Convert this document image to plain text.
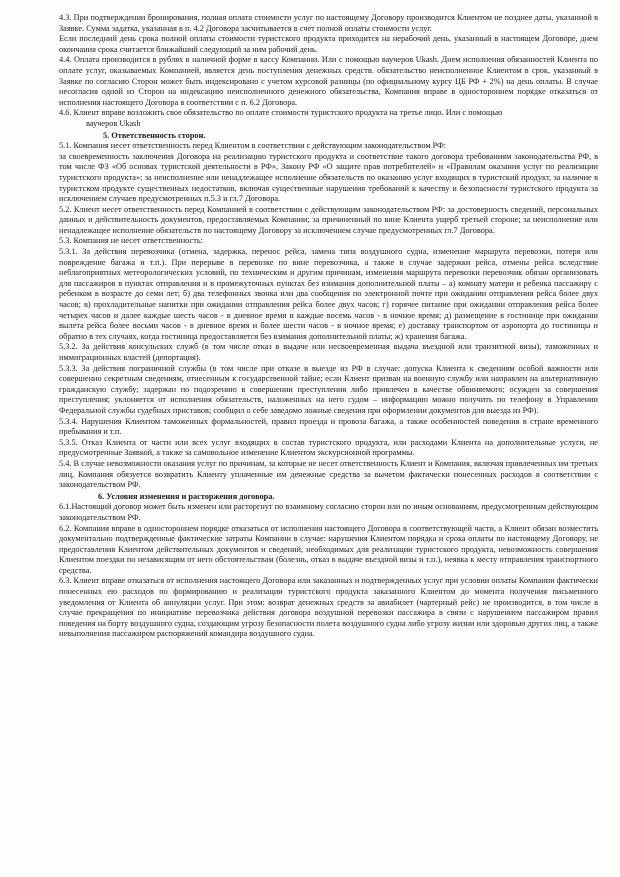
4.3. При подтверждении бронирования, полная оплата стоимости услуг по настоящему Договору производится Клиентом не позднее даты, указанной в Заявке. Сумма задатка, указанная в п. 4.2 Договора засчитывается в счет полной оплаты стоимости услуг.

Если последний день срока полной оплаты стоимости туристского продукта приходится на нерабочий день, указанный в настоящем Договоре, днем окончания срока считается ближайший следующий за ним рабочий день.

4.4. Оплата производится в рублях в наличной форме в кассу Компании. Или с помощью ваучеров Ukash. Днем исполнения обязанностей Клиента по оплате услуг, оказываемых Компанией, является день поступления денежных средств. обязательство неисполненное Клиентом в срок, указанный в Заявке по согласию Сторон может быть индексировано с учетом курсовой разницы (по официальному курсу ЦБ РФ + 2%) на день оплаты. В случае несогласия одной из Сторон на индексацию неисполненного денежного обязательства, Компания вправе в одностороннем порядке отказаться от исполнения настоящего Договора в соответствии с п. 6.2 Договора.

4.6. Клиент вправе возложить свое обязательство по оплате стоимости туристского продукта на третье лицо. Или с помощью

ваучеров Ukash

5. Ответственность сторон.

5.1. Компания несет ответственность перед Клиентом в соответствии с действующим законодательством РФ:

за своевременность заключения Договора на реализацию туристского продукта и соответствие такого договора требованиям законодательства РФ, в том числе ФЗ «Об основах туристской деятельности в РФ», Закону РФ «О защите прав потребителей» и «Правилам оказания услуг по реализации туристского продукта»; за неисполнение или ненадлежащее исполнение обязательств по оказанию услуг входящих в туристский продукт, за наличие в туристском продукте существенных недостатков, включая существенные нарушения требований к качеству и безопасности туристского продукта за исключением случаев предусмотренных п.5.3 и гл.7 Договора.

5.2. Клиент несет ответственность перед Компанией в соответствии с действующим законодательством РФ: за достоверность сведений, персональных данных и действительность документов, предоставляемых Компании; за причиненный по вине Клиента ущерб третьей стороне; за неисполнение или ненадлежащее исполнение обязательств по настоящему Договору за исключением случае предусмотренных гл.7 Договора.

5.3. Компания не несет ответственность:

5.3.1. За действия перевозчика (отмена, задержка, перенос рейса, замена типа воздушного судна, изменение маршрута перевозки, потеря или повреждение багажа и т.п.). При перерыве в перевозке по вине перевозчика, а также в случае задержки рейса, отмены рейса вследствие неблагоприятных метеорологических условий, по техническим и другим причинам, изменения маршрута перевозки перевозчик обязан организовать для пассажиров в пунктах отправления и в промежуточных пунктах без взимания дополнительной платы – а) комнату матери и ребенка пассажиру с ребенком в возрасте до семи лет; б) два телефонных звонка или два сообщения по электронной почте при ожидании отправления рейса более двух часов; в) прохладительные напитки при ожидании отправления рейса более двух часов; г) горячее питание при ожидании отправления рейса более четырех часов и далее каждые шесть часов - в дневное время и каждые восемь часов - в ночное время; д) размещение в гостинице при ожидании вылета рейса более восьми часов - в дневное время и более шести часов - в ночное время; е) доставку транспортом от аэропорта до гостиницы и обратно в тех случаях, когда гостиница предоставляется без взимания дополнительной платы; ж) хранения багажа.

5.3.2. За действия консульских служб (в том числе отказ в выдаче или несвоевременная выдача въездной или транзитной визы), таможенных и иммиграционных властей (депортация).

5.3.3. За действия пограничной службы (в том числе при отказе в выезде из РФ в случае: допуска Клиента к сведениям особой важности или совершенно секретным сведениям, отнесенным к государственной тайне; если Клиент призван на военную службу или направлен на альтернативную гражданскую службу; задержан по подозрению в совершении преступления либо привлечен в качестве обвиняемого; осужден за совершения преступления; уклоняется от исполнения обязательств, наложенных на него судом – информацию можно получить по телефону в Управлении Федеральной службы судебных приставов; сообщил о себе заведомо ложные сведения при оформлении документов для выезда из РФ).

5.3.4. Нарушения Клиентом таможенных формальностей, правил проезда и провоза багажа, а также особенностей поведения в стране временного пребывания и т.п.

5.3.5. Отказ Клиента от части или всех услуг входящих в состав туристского продукта, или расходами Клиента на дополнительные услуги, не предусмотренные Заявкой, а также за самовольное изменение Клиентом экскурсионной программы.

5.4. В случае невозможности оказания услуг по причинам, за которые не несет ответственность Клиент и Компания, включая привлеченных им третьих лиц, Компания обязуется возвратить Клиенту уплаченные им денежные средства за вычетом фактически понесенных расходов в соответствии с законодательством РФ.

6. Условия изменения и расторжения договора.

6.1.Настоящий договор может быть изменен или расторгнут по взаимному согласию сторон или по иным основаниям, предусмотренным действующим законодательством РФ.

6.2. Компания вправе в одностороннем порядке отказаться от исполнения настоящего Договора в соответствующей части, а Клиент обязан возместить документально подтвержденные фактические затраты Компании в случае: нарушения Клиентом порядка и срока оплаты по настоящему Договору, не предоставления Клиентом действительных документов и сведений, необходимых для реализации туристского продукта, невозможность совершения Клиентом поездки по независящим от него обстоятельствам (болезнь, отказ в выдаче въездной визы и т.п.), неявка к месту отправления транспортного средства.

6.3. Клиент вправе отказаться от исполнения настоящего Договора или заказанных и подтвержденных услуг при условии оплаты Компании фактически понесенных ею расходов по формированию и реализации туристского продукта заказанного Клиентом до момента получения письменного уведомления от Клиента об аннуляции услуг. При этом: возврат денежных средств за авиабилет (чартерный рейс) не производится, в том числе в случае прекращения по инициативе перевозчика действия договора воздушной перевозки пассажира в связи с нарушением пассажиром правил поведения на борту воздушного судна, создающим угрозу безопасности полета воздушного судна либо угрозу жизни или здоровью других лиц, а также невыполнения пассажиром распоряжений командира воздушного судна.
